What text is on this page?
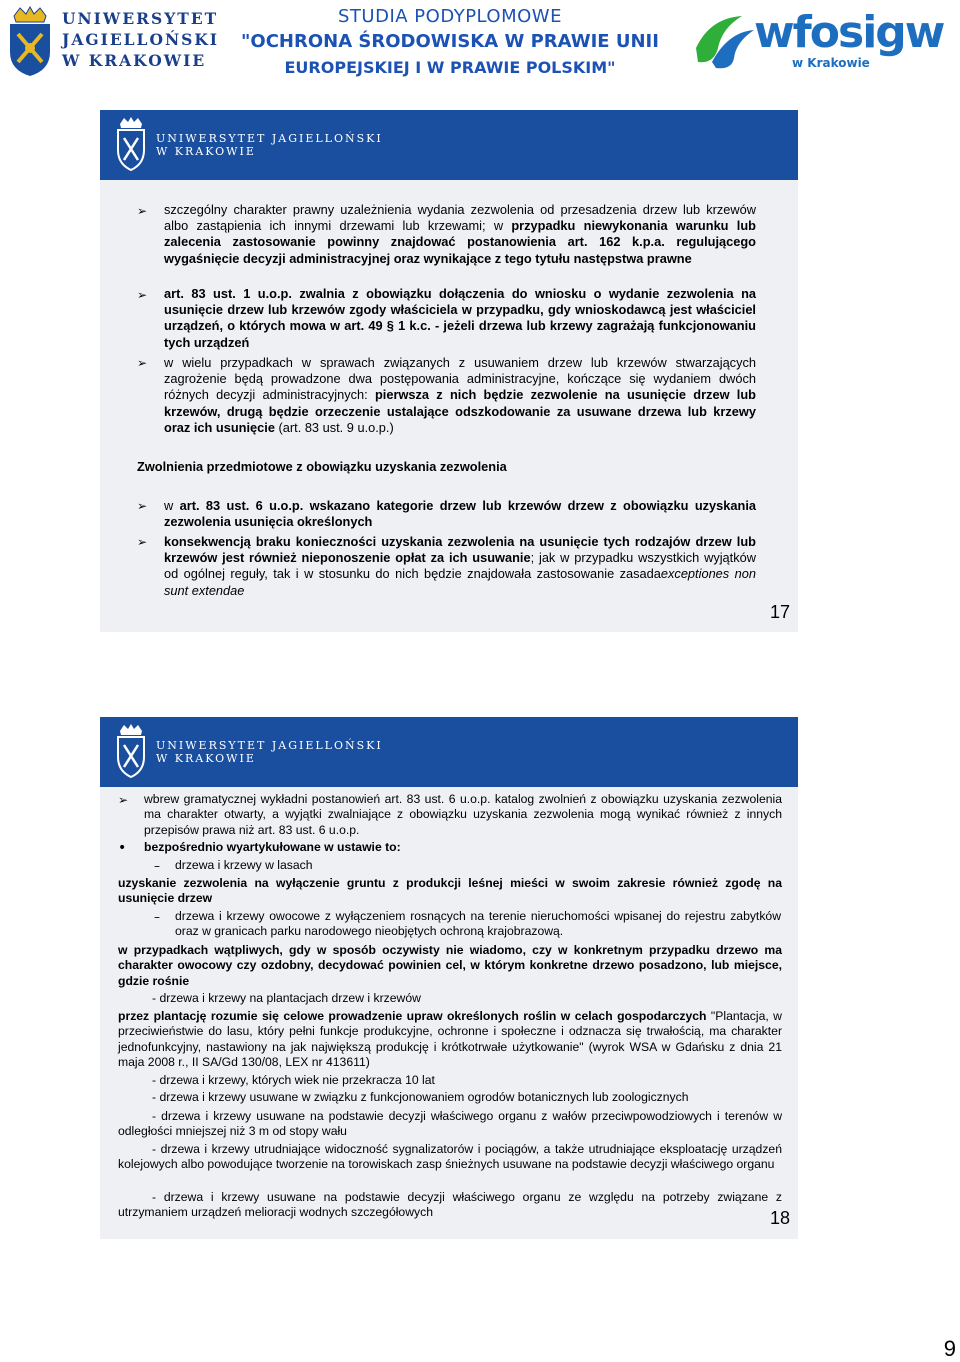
UNIWERSYTET
JAGIELLOŃSKI
W KRAKOWIE
STUDIA PODYPLOMOWE
"OCHRONA ŚRODOWISKA W PRAWIE UNII
EUROPEJSKIEJ I W PRAWIE POLSKIM"
wfosigw
w Krakowie
UNIWERSYTET JAGIELLOŃSKI
W KRAKOWIE
➢ szczególny charakter prawny uzależnienia wydania zezwolenia od przesadzenia drzew lub krzewów albo zastąpienia ich innymi drzewami lub krzewami; w przypadku niewykonania warunku lub zalecenia zastosowanie powinny znajdować postanowienia art. 162 k.p.a. regulującego wygaśnięcie decyzji administracyjnej oraz wynikające z tego tytułu następstwa prawne
➢ art. 83 ust. 1 u.o.p. zwalnia z obowiązku dołączenia do wniosku o wydanie zezwolenia na usunięcie drzew lub krzewów zgody właściciela w przypadku, gdy wnioskodawcą jest właściciel urządzeń, o których mowa w art. 49 § 1 k.c. - jeżeli drzewa lub krzewy zagrażają funkcjonowaniu tych urządzeń
➢ w wielu przypadkach w sprawach związanych z usuwaniem drzew lub krzewów stwarzających zagrożenie będą prowadzone dwa postępowania administracyjne, kończące się wydaniem dwóch różnych decyzji administracyjnych: pierwsza z nich będzie zezwolenie na usunięcie drzew lub krzewów, drugą będzie orzeczenie ustalające odszkodowanie za usuwane drzewa lub krzewy oraz ich usunięcie (art. 83 ust. 9 u.o.p.)
Zwolnienia przedmiotowe z obowiązku uzyskania zezwolenia
➢ w art. 83 ust. 6 u.o.p. wskazano kategorie drzew lub krzewów drzew z obowiązku uzyskania zezwolenia usunięcia określonych
➢ konsekwencją braku konieczności uzyskania zezwolenia na usunięcie tych rodzajów drzew lub krzewów jest również nieponoszenie opłat za ich usuwanie; jak w przypadku wszystkich wyjątków od ogólnej reguły, tak i w stosunku do nich będzie znajdowała zastosowanie zasadaexceptiones non sunt extendae
17
UNIWERSYTET JAGIELLOŃSKI
W KRAKOWIE
➢ wbrew gramatycznej wykładni postanowień art. 83 ust. 6 u.o.p. katalog zwolnień z obowiązku uzyskania zezwolenia ma charakter otwarty, a wyjątki zwalniające z obowiązku uzyskania zezwolenia mogą wynikać również z innych przepisów prawa niż art. 83 ust. 6 u.o.p.
• bezpośrednio wyartykułowane w ustawie to:
– drzewa i krzewy w lasach
uzyskanie zezwolenia na wyłączenie gruntu z produkcji leśnej mieści w swoim zakresie również zgodę na usunięcie drzew
– drzewa i krzewy owocowe z wyłączeniem rosnących na terenie nieruchomości wpisanej do rejestru zabytków oraz w granicach parku narodowego nieobjętych ochroną krajobrazową.
w przypadkach wątpliwych, gdy w sposób oczywisty nie wiadomo, czy w konkretnym przypadku drzewo ma charakter owocowy czy ozdobny, decydować powinien cel, w którym konkretne drzewo posadzono, lub miejsce, gdzie rośnie
- drzewa i krzewy na plantacjach drzew i krzewów
przez plantację rozumie się celowe prowadzenie upraw określonych roślin w celach gospodarczych "Plantacja, w przeciwieństwie do lasu, który pełni funkcje produkcyjne, ochronne i społeczne i odznacza się trwałością, ma charakter jednofunkcyjny, nastawiony na jak największą produkcję i krótkotrwałe użytkowanie" (wyrok WSA w Gdańsku z dnia 21 maja 2008 r., II SA/Gd 130/08, LEX nr 413611)
- drzewa i krzewy, których wiek nie przekracza 10 lat
- drzewa i krzewy usuwane w związku z funkcjonowaniem ogrodów botanicznych lub zoologicznych
- drzewa i krzewy usuwane na podstawie decyzji właściwego organu z wałów przeciwpowodziowych i terenów w odległości mniejszej niż 3 m od stopy wału
- drzewa i krzewy utrudniające widoczność sygnalizatorów i pociągów, a także utrudniające eksploatację urządzeń kolejowych albo powodujące tworzenie na torowiskach zasp śnieżnych usuwane na podstawie decyzji właściwego organu
- drzewa i krzewy usuwane na podstawie decyzji właściwego organu ze względu na potrzeby związane z utrzymaniem urządzeń melioracji wodnych szczegółowych	18
9
